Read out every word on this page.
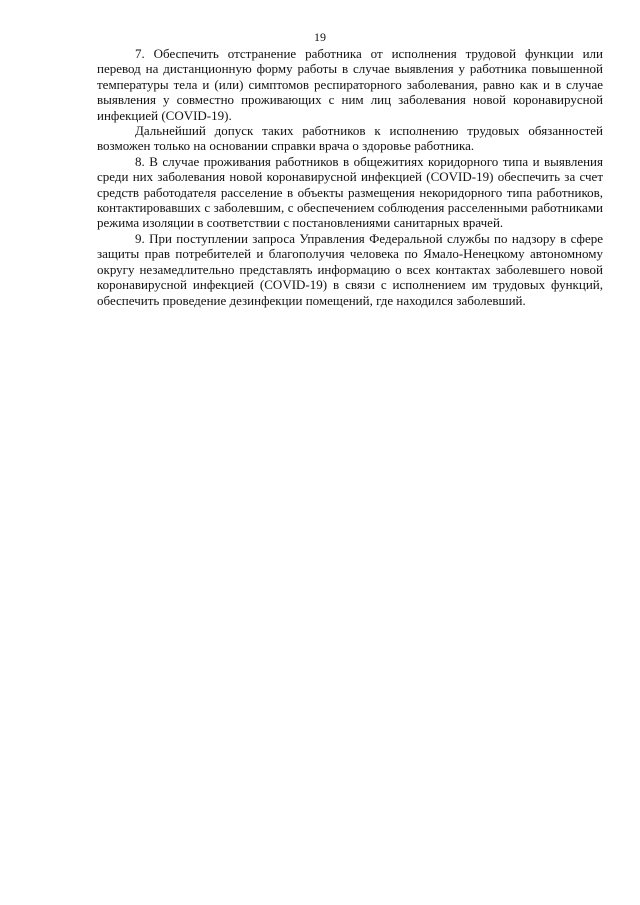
19

7. Обеспечить отстранение работника от исполнения трудовой функции или перевод на дистанционную форму работы в случае выявления у работника повышенной температуры тела и (или) симптомов респираторного заболевания, равно как и в случае выявления у совместно проживающих с ним лиц заболевания новой коронавирусной инфекцией (COVID-19).

Дальнейший допуск таких работников к исполнению трудовых обязанностей возможен только на основании справки врача о здоровье работника.

8. В случае проживания работников в общежитиях коридорного типа и выявления среди них заболевания новой коронавирусной инфекцией (COVID-19) обеспечить за счет средств работодателя расселение в объекты размещения некоридорного типа работников, контактировавших с заболевшим, с обеспечением соблюдения расселенными работниками режима изоляции в соответствии с постановлениями санитарных врачей.

9. При поступлении запроса Управления Федеральной службы по надзору в сфере защиты прав потребителей и благополучия человека по Ямало-Ненецкому автономному округу незамедлительно представлять информацию о всех контактах заболевшего новой коронавирусной инфекцией (COVID-19) в связи с исполнением им трудовых функций, обеспечить проведение дезинфекции помещений, где находился заболевший.
